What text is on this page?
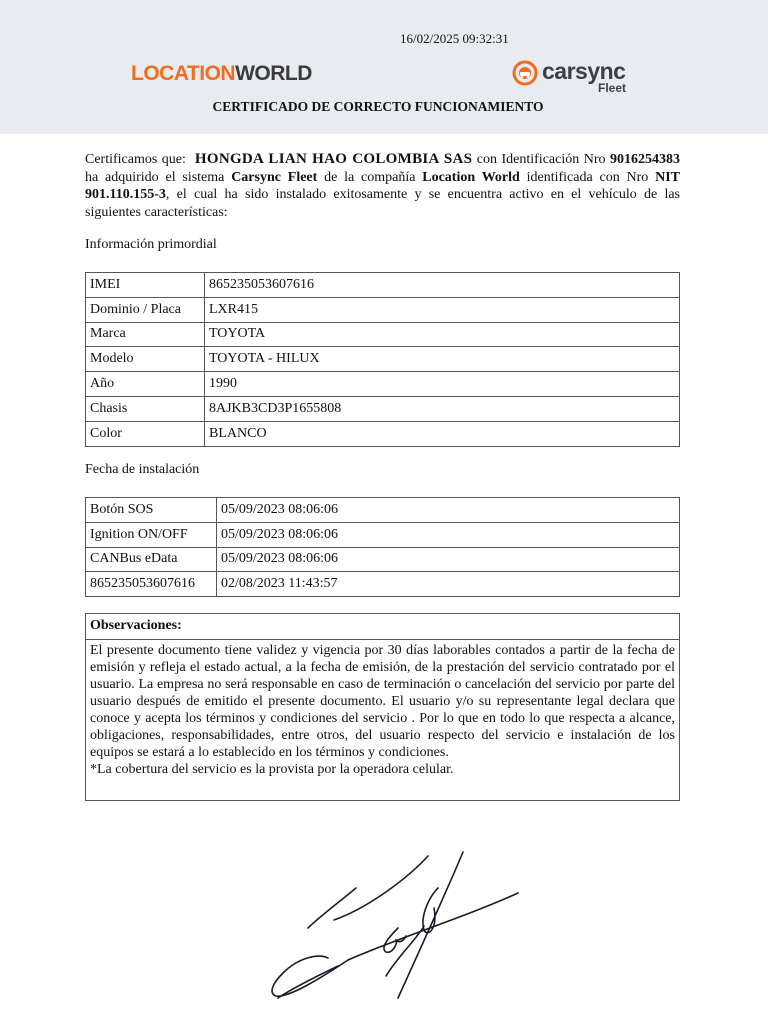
16/02/2025 09:32:31
LOCATIONWORLD	carsync
Fleet
CERTIFICADO DE CORRECTO FUNCIONAMIENTO
Certificamos que: HONGDA LIAN HAO COLOMBIA SAS con Identificación Nro 9016254383 ha adquirido el sistema Carsync Fleet de la compañía Location World identificada con Nro NIT 901.110.155-3, el cual ha sido instalado exitosamente y se encuentra activo en el vehículo de las siguientes características:
Información primordial
IMEI	865235053607616
Dominio / Placa	LXR415
Marca	TOYOTA
Modelo	TOYOTA - HILUX
Año	1990
Chasis	8AJKB3CD3P1655808
Color	BLANCO
Fecha de instalación
Botón SOS	05/09/2023 08:06:06
Ignition ON/OFF	05/09/2023 08:06:06
CANBus eData	05/09/2023 08:06:06
865235053607616	02/08/2023 11:43:57
Observaciones:
El presente documento tiene validez y vigencia por 30 días laborables contados a partir de la fecha de emisión y refleja el estado actual, a la fecha de emisión, de la prestación del servicio contratado por el usuario. La empresa no será responsable en caso de terminación o cancelación del servicio por parte del usuario después de emitido el presente documento. El usuario y/o su representante legal declara que conoce y acepta los términos y condiciones del servicio . Por lo que en todo lo que respecta a alcance, obligaciones, responsabilidades, entre otros, del usuario respecto del servicio e instalación de los equipos se estará a lo establecido en los términos y condiciones.
*La cobertura del servicio es la provista por la operadora celular.
